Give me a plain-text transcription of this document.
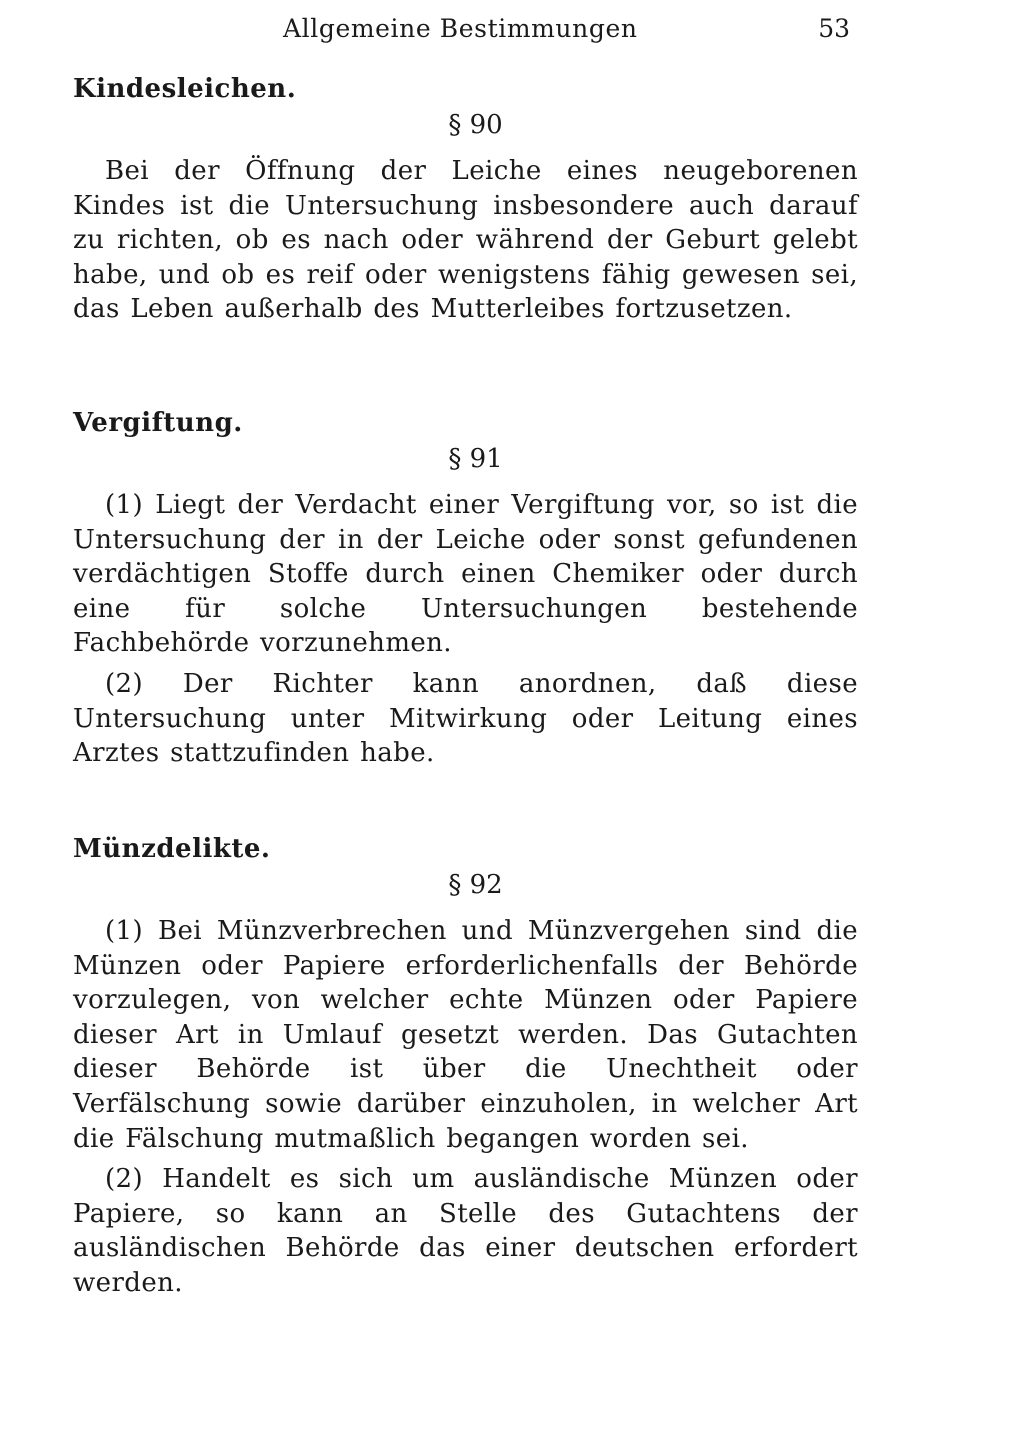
Allgemeine Bestimmungen	53
Kindesleichen.
§ 90

Bei der Öffnung der Leiche eines neugeborenen Kindes ist die Untersuchung insbesondere auch darauf zu richten, ob es nach oder während der Geburt gelebt habe, und ob es reif oder wenigstens fähig gewesen sei, das Leben außerhalb des Mutterleibes fortzusetzen.

Vergiftung.
§ 91

(1) Liegt der Verdacht einer Vergiftung vor, so ist die Untersuchung der in der Leiche oder sonst gefundenen verdächtigen Stoffe durch einen Chemiker oder durch eine für solche Untersuchungen bestehende Fachbehörde vorzunehmen.

(2) Der Richter kann anordnen, daß diese Untersuchung unter Mitwirkung oder Leitung eines Arztes stattzufinden habe.

Münzdelikte.
§ 92

(1) Bei Münzverbrechen und Münzvergehen sind die Münzen oder Papiere erforderlichenfalls der Behörde vorzulegen, von welcher echte Münzen oder Papiere dieser Art in Umlauf gesetzt werden. Das Gutachten dieser Behörde ist über die Unechtheit oder Verfälschung sowie darüber einzuholen, in welcher Art die Fälschung mutmaßlich begangen worden sei.

(2) Handelt es sich um ausländische Münzen oder Papiere, so kann an Stelle des Gutachtens der ausländischen Behörde das einer deutschen erfordert werden.
